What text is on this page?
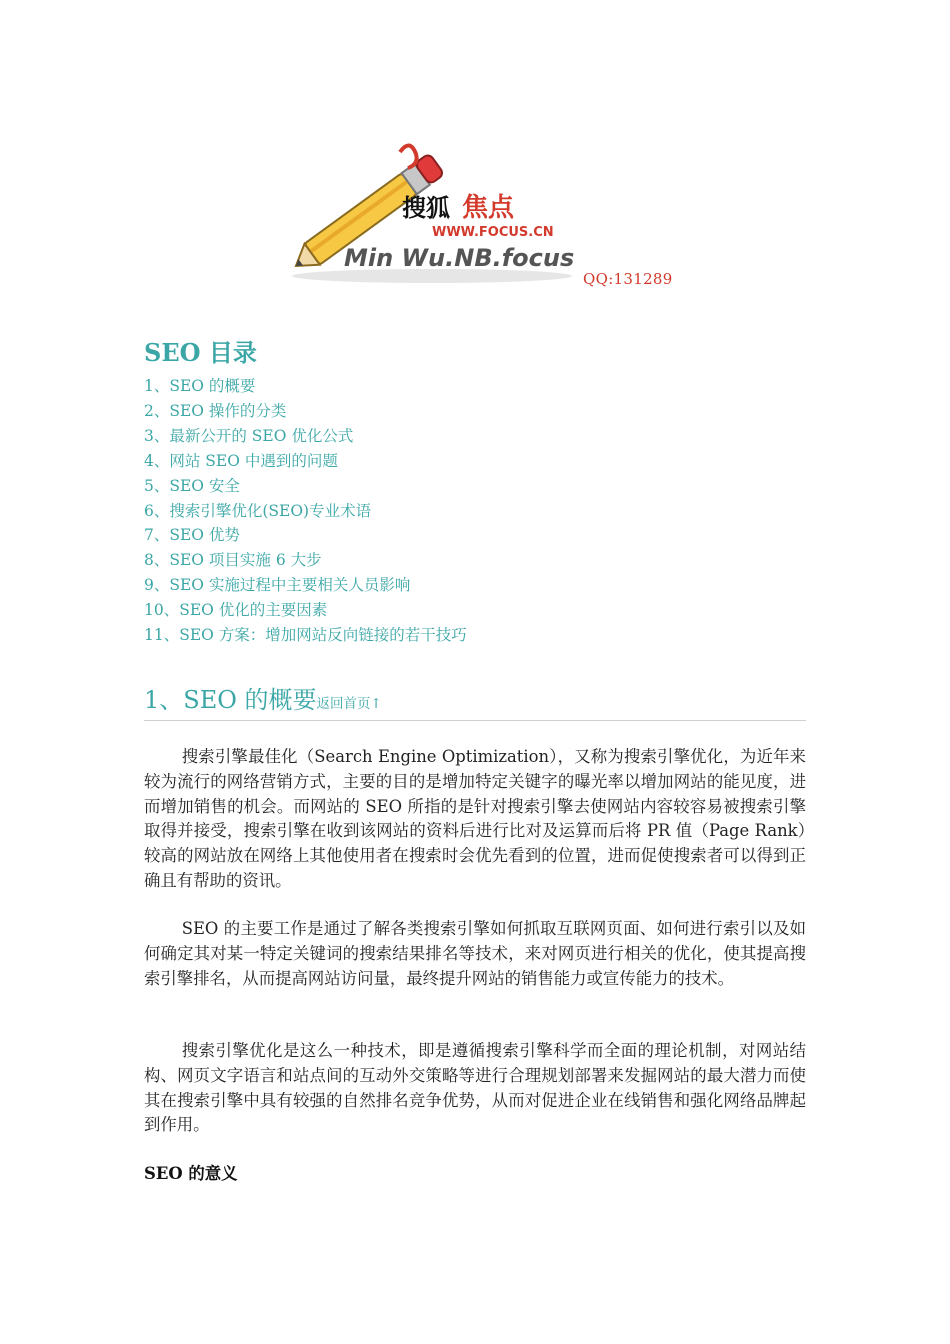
搜狐 焦点
WWW.FOCUS.CN
Min Wu.NB.focus
QQ:131289
SEO 目录
1、SEO 的概要
2、SEO 操作的分类
3、最新公开的 SEO 优化公式
4、网站 SEO 中遇到的问题
5、SEO 安全
6、搜索引擎优化(SEO)专业术语
7、SEO 优势
8、SEO 项目实施 6 大步
9、SEO 实施过程中主要相关人员影响
10、SEO 优化的主要因素
11、SEO 方案：增加网站反向链接的若干技巧
1、SEO 的概要返回首页↑

搜索引擎最佳化（Search Engine Optimization），又称为搜索引擎优化，为近年来较为流行的网络营销方式，主要的目的是增加特定关键字的曝光率以增加网站的能见度，进而增加销售的机会。而网站的 SEO 所指的是针对搜索引擎去使网站内容较容易被搜索引擎取得并接受，搜索引擎在收到该网站的资料后进行比对及运算而后将 PR 值（Page Rank）较高的网站放在网络上其他使用者在搜索时会优先看到的位置，进而促使搜索者可以得到正确且有帮助的资讯。

SEO 的主要工作是通过了解各类搜索引擎如何抓取互联网页面、如何进行索引以及如何确定其对某一特定关键词的搜索结果排名等技术，来对网页进行相关的优化，使其提高搜索引擎排名，从而提高网站访问量，最终提升网站的销售能力或宣传能力的技术。

搜索引擎优化是这么一种技术，即是遵循搜索引擎科学而全面的理论机制，对网站结构、网页文字语言和站点间的互动外交策略等进行合理规划部署来发掘网站的最大潜力而使其在搜索引擎中具有较强的自然排名竞争优势，从而对促进企业在线销售和强化网络品牌起到作用。

SEO 的意义
